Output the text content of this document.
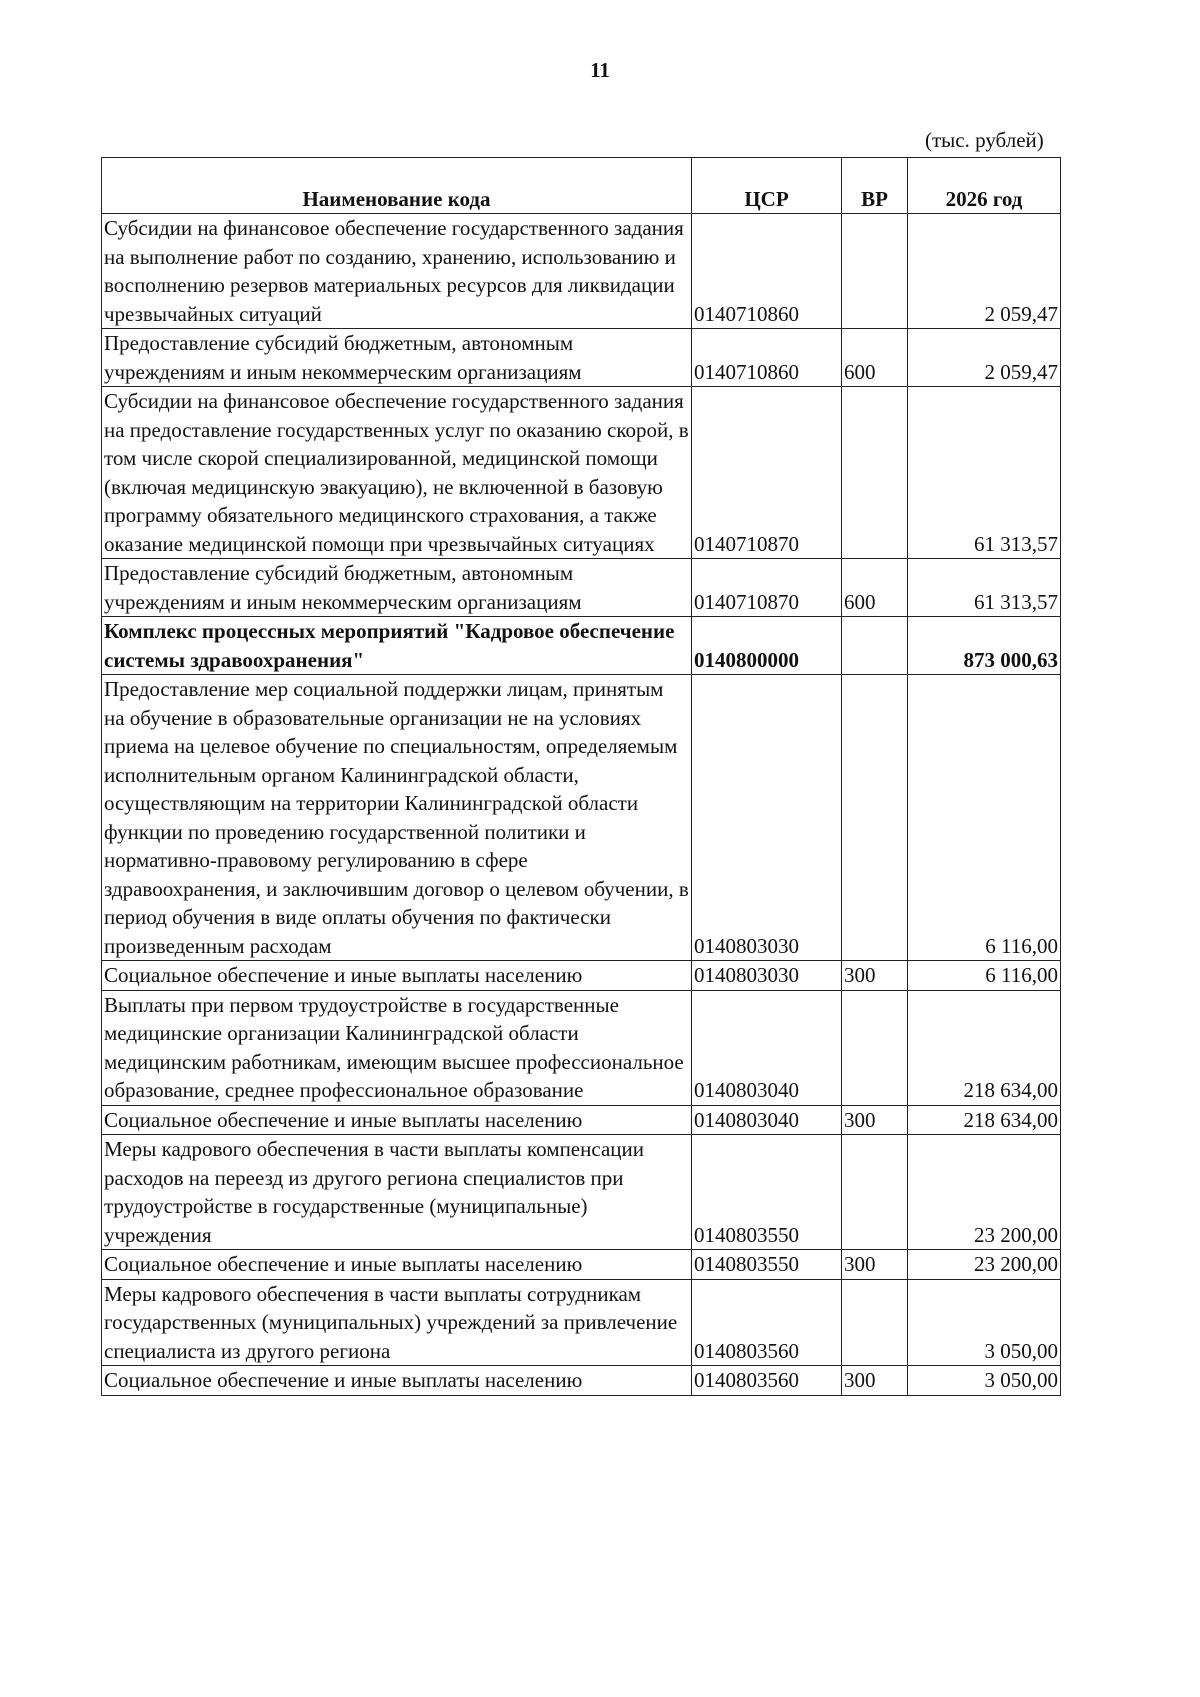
11
(тыс. рублей)
Наименование кода	ЦСР	ВР	2026 год
Субсидии на финансовое обеспечение государственного задания на выполнение работ по созданию, хранению, использованию и восполнению резервов материальных ресурсов для ликвидации чрезвычайных ситуаций	0140710860		2 059,47
Предоставление субсидий бюджетным, автономным учреждениям и иным некоммерческим организациям	0140710860	600	2 059,47
Субсидии на финансовое обеспечение государственного задания на предоставление государственных услуг по оказанию скорой, в том числе скорой специализированной, медицинской помощи (включая медицинскую эвакуацию), не включенной в базовую программу обязательного медицинского страхования, а также оказание медицинской помощи при чрезвычайных ситуациях	0140710870		61 313,57
Предоставление субсидий бюджетным, автономным учреждениям и иным некоммерческим организациям	0140710870	600	61 313,57
Комплекс процессных мероприятий "Кадровое обеспечение системы здравоохранения"	0140800000		873 000,63
Предоставление мер социальной поддержки лицам, принятым на обучение в образовательные организации не на условиях приема на целевое обучение по специальностям, определяемым исполнительным органом Калининградской области, осуществляющим на территории Калининградской области функции по проведению государственной политики и нормативно-правовому регулированию в сфере здравоохранения, и заключившим договор о целевом обучении, в период обучения в виде оплаты обучения по фактически произведенным расходам	0140803030		6 116,00
Социальное обеспечение и иные выплаты населению	0140803030	300	6 116,00
Выплаты при первом трудоустройстве в государственные медицинские организации Калининградской области медицинским работникам, имеющим высшее профессиональное образование, среднее профессиональное образование	0140803040		218 634,00
Социальное обеспечение и иные выплаты населению	0140803040	300	218 634,00
Меры кадрового обеспечения в части выплаты компенсации расходов на переезд из другого региона специалистов при трудоустройстве в государственные (муниципальные) учреждения	0140803550		23 200,00
Социальное обеспечение и иные выплаты населению	0140803550	300	23 200,00
Меры кадрового обеспечения в части выплаты сотрудникам государственных (муниципальных) учреждений за привлечение специалиста из другого региона	0140803560		3 050,00
Социальное обеспечение и иные выплаты населению	0140803560	300	3 050,00
